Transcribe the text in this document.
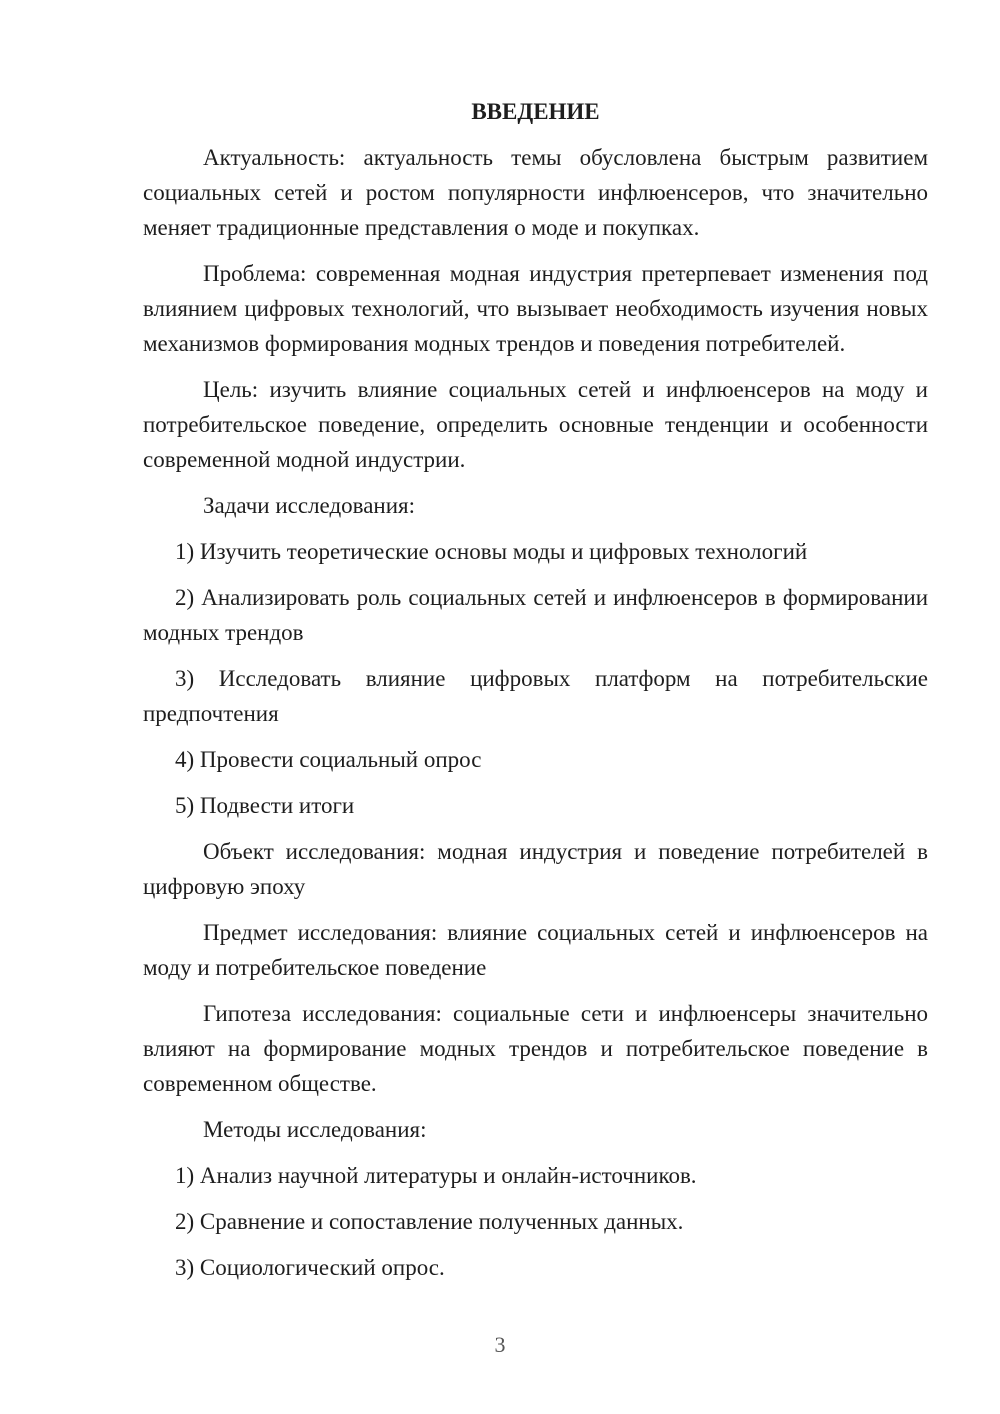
ВВЕДЕНИЕ

Актуальность: актуальность темы обусловлена быстрым развитием социальных сетей и ростом популярности инфлюенсеров, что значительно меняет традиционные представления о моде и покупках.

Проблема: современная модная индустрия претерпевает изменения под влиянием цифровых технологий, что вызывает необходимость изучения новых механизмов формирования модных трендов и поведения потребителей.

Цель: изучить влияние социальных сетей и инфлюенсеров на моду и потребительское поведение, определить основные тенденции и особенности современной модной индустрии.

Задачи исследования:

1) Изучить теоретические основы моды и цифровых технологий

2) Анализировать роль социальных сетей и инфлюенсеров в формировании модных трендов

3) Исследовать влияние цифровых платформ на потребительские предпочтения

4) Провести социальный опрос

5) Подвести итоги

Объект исследования: модная индустрия и поведение потребителей в цифровую эпоху

Предмет исследования: влияние социальных сетей и инфлюенсеров на моду и потребительское поведение

Гипотеза исследования: социальные сети и инфлюенсеры значительно влияют на формирование модных трендов и потребительское поведение в современном обществе.

Методы исследования:

1) Анализ научной литературы и онлайн-источников.

2) Сравнение и сопоставление полученных данных.

3) Социологический опрос.

3
